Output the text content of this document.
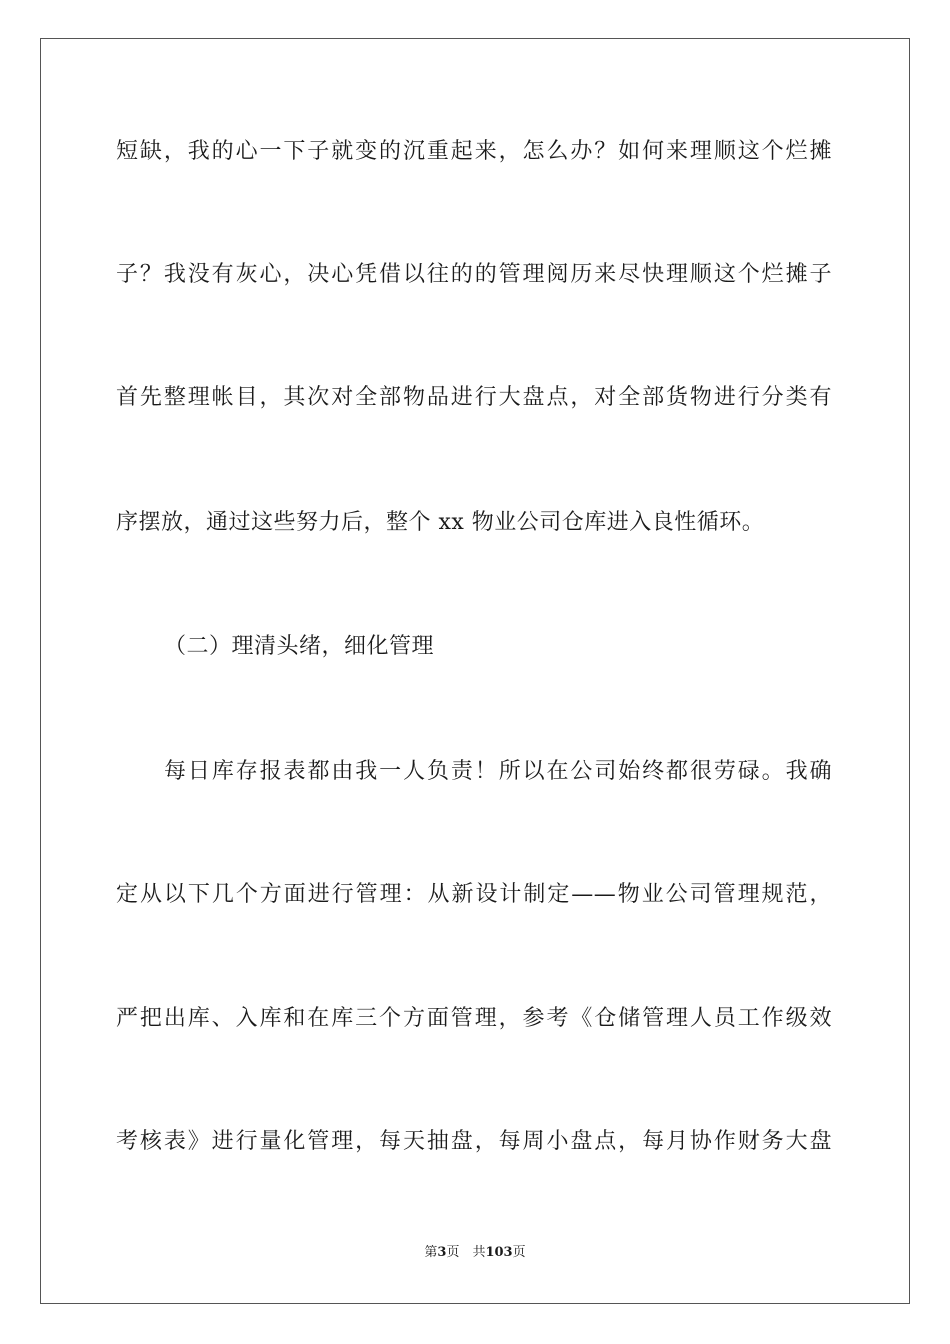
短缺，我的心一下子就变的沉重起来，怎么办？如何来理顺这个烂摊
子？我没有灰心，决心凭借以往的的管理阅历来尽快理顺这个烂摊子
首先整理帐目，其次对全部物品进行大盘点，对全部货物进行分类有
序摆放，通过这些努力后，整个 xx 物业公司仓库进入良性循环。
（二）理清头绪，细化管理
每日库存报表都由我一人负责！所以在公司始终都很劳碌。我确
定从以下几个方面进行管理：从新设计制定——物业公司管理规范，
严把出库、入库和在库三个方面管理，参考《仓储管理人员工作级效
考核表》进行量化管理，每天抽盘，每周小盘点，每月协作财务大盘
第3页　共103页
